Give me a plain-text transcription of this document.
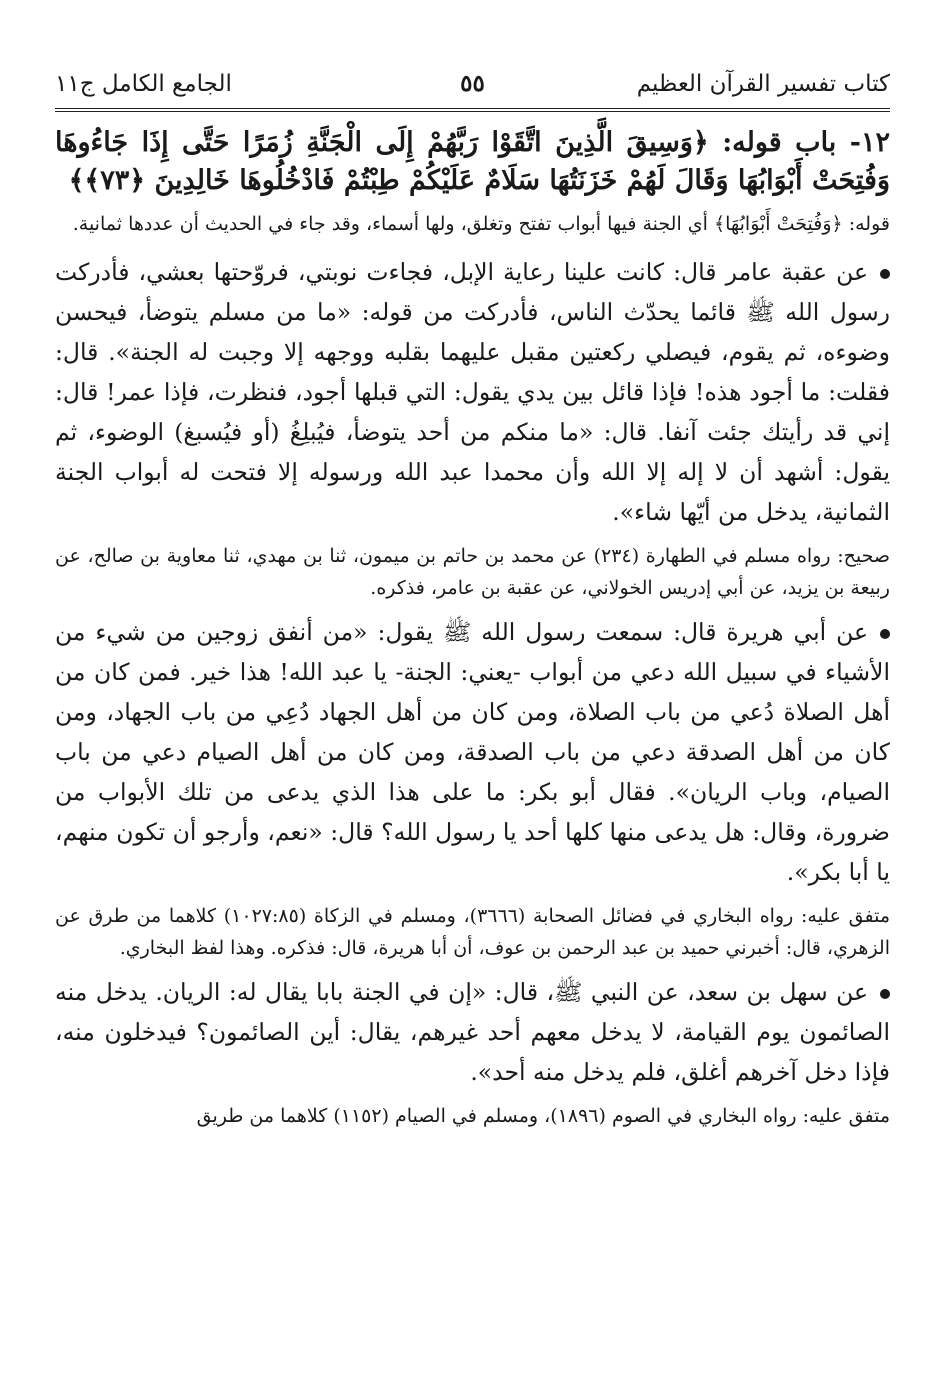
كتاب تفسير القرآن العظيم
٥٥
الجامع الكامل ج١١
١٢- باب قوله: ﴿وَسِيقَ الَّذِينَ اتَّقَوْا رَبَّهُمْ إِلَى الْجَنَّةِ زُمَرًا حَتَّى إِذَا جَاءُوهَا وَفُتِحَتْ أَبْوَابُهَا وَقَالَ لَهُمْ خَزَنَتُهَا سَلَامٌ عَلَيْكُمْ طِبْتُمْ فَادْخُلُوهَا خَالِدِينَ ﴿٧٣﴾﴾

قوله: ﴿وَفُتِحَتْ أَبْوَابُهَا﴾ أي الجنة فيها أبواب تفتح وتغلق، ولها أسماء، وقد جاء في الحديث أن عددها ثمانية.

عن عقبة عامر قال: كانت علينا رعاية الإبل، فجاءت نوبتي، فروّحتها بعشي، فأدركت رسول الله ﷺ قائما يحدّث الناس، فأدركت من قوله: «ما من مسلم يتوضأ، فيحسن وضوءه، ثم يقوم، فيصلي ركعتين مقبل عليهما بقلبه ووجهه إلا وجبت له الجنة». قال: فقلت: ما أجود هذه! فإذا قائل بين يدي يقول: التي قبلها أجود، فنظرت، فإذا عمر! قال: إني قد رأيتك جئت آنفا. قال: «ما منكم من أحد يتوضأ، فيُبلِغُ (أو فيُسبغ) الوضوء، ثم يقول: أشهد أن لا إله إلا الله وأن محمدا عبد الله ورسوله إلا فتحت له أبواب الجنة الثمانية، يدخل من أيّها شاء».

صحيح: رواه مسلم في الطهارة (٢٣٤) عن محمد بن حاتم بن ميمون، ثنا بن مهدي، ثنا معاوية بن صالح، عن ربيعة بن يزيد، عن أبي إدريس الخولاني، عن عقبة بن عامر، فذكره.

عن أبي هريرة قال: سمعت رسول الله ﷺ يقول: «من أنفق زوجين من شيء من الأشياء في سبيل الله دعي من أبواب -يعني: الجنة- يا عبد الله! هذا خير. فمن كان من أهل الصلاة دُعي من باب الصلاة، ومن كان من أهل الجهاد دُعِي من باب الجهاد، ومن كان من أهل الصدقة دعي من باب الصدقة، ومن كان من أهل الصيام دعي من باب الصيام، وباب الريان». فقال أبو بكر: ما على هذا الذي يدعى من تلك الأبواب من ضرورة، وقال: هل يدعى منها كلها أحد يا رسول الله؟ قال: «نعم، وأرجو أن تكون منهم، يا أبا بكر».

متفق عليه: رواه البخاري في فضائل الصحابة (٣٦٦٦)، ومسلم في الزكاة (١٠٢٧:٨٥) كلاهما من طرق عن الزهري، قال: أخبرني حميد بن عبد الرحمن بن عوف، أن أبا هريرة، قال: فذكره. وهذا لفظ البخاري.

عن سهل بن سعد، عن النبي ﷺ، قال: «إن في الجنة بابا يقال له: الريان. يدخل منه الصائمون يوم القيامة، لا يدخل معهم أحد غيرهم، يقال: أين الصائمون؟ فيدخلون منه، فإذا دخل آخرهم أغلق، فلم يدخل منه أحد».

متفق عليه: رواه البخاري في الصوم (١٨٩٦)، ومسلم في الصيام (١١٥٢) كلاهما من طريق
